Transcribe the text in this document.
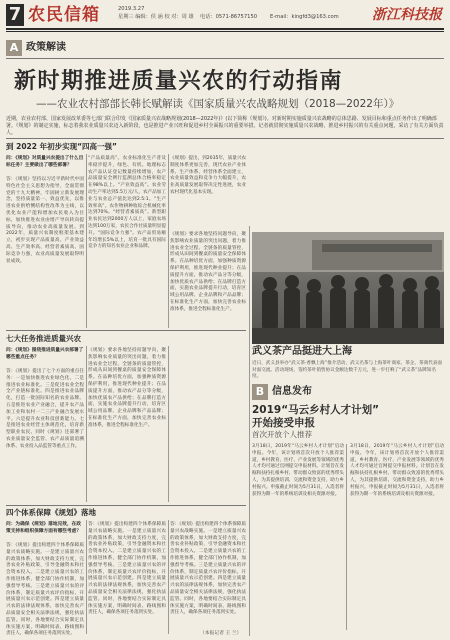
7 农民信箱	2019.3.27
星期三 编辑：侯 涵 校 对：周 雄 电话：0571-86757150 E-mail：kingfd3@163.com 浙江科技报
A 政策解读
新时期推进质量兴农的行动指南
——农业农村部部长韩长赋解读《国家质量兴农战略规划（2018—2022年）》
近期，农业农村部、国家发展改革委等七部门联合印发《国家质量兴农战略规划(2018—2022年)》(以下简称《规划》)。对新时期实施质量兴农战略的总体思路、发展目标和重点任务作出了明确部署。《规划》的制定实施，标志着我农业质量兴农迈入新阶段，也是推进产业兴旺和促进乡村全面振兴的重要举措。记者就贯彻实施质量兴农战略，推进乡村振兴的有关重点问题，采访了有关方面负责人。
到 2022 年初步实现“四高一强”
问：《规划》对质量兴农提出了什么目标任务？主要做出了哪些部署？
答：《规划》坚持以习近平新时代中国特色社会主义思想为指导，全面贯彻党的十九大精神，牢固树立新发展理念，坚持质量第一、效益优先，以推进农业供给侧结构性改革为主线，以优化农业产能和增加农民收入为目标，加快推进农业由增产导向转向提质导向，推动农业高质量发展。到2022年，质量兴农制度框架基本建立，初步实现产品质量高、产业效益高、生产效率高、经营者素质高、国际竞争力强，农业高质量发展取得明显成效。
“产品质量高”。农业标准化生产普及率稳步提升，绿色、有机、地理标志农产品认证登记数量持续增加，农产品质量安全例行监测总体合格率稳定在98%以上。“产业效益高”。农业劳动生产率达到5.5万元/人，农产品加工业与农业总产值比达到2.5:1。“生产效率高”。农作物耕种收综合机械化率达到70%。“经营者素质高”。新型职业农民达到2000万人以上，家庭农场达到100万家，农民合作社质量明显提升。“国际竞争力强”。农产品贸易额年均增长5%以上，培育一批具有国际竞争力的知名农业企业和品牌。
《规划》提出，到2035年，质量兴农制度体系更加完善，现代农业产业体系、生产体系、经营体系全面建立，农业质量效益和竞争力大幅提升，农业高质量发展取得决定性进展，农业农村现代化基本实现。
武义茶产品挺进大上海
近日，武义县举办“武义茶·香飘上海”推介活动，武义名茶与上海茶叶商家、茶企、茶商代表面对面交流。活动现场，签约茶叶销售协议金额达数千万元，进一步打响了“武义茶”品牌知名度。
B 信息发布
2019“马云乡村人才计划”
开始接受申报
首次开放个人推荐
3月18日，2019年“马云乡村人才计划”启动申报。今年，该计划将首次开放个人推荐渠道，乡村教育、医疗、产业发展等领域的优秀人才均可通过官网提交申报材料。计划旨在发掘和扶持扎根乡村、带动群众致富的优秀带头人，为其提供培训、交流和资金支持，助力乡村振兴。申报截止时间为5月31日，入选者将获得为期一年的系统培训及相关资源对接。
3月18日，2019年“马云乡村人才计划”启动申报。今年，该计划将首次开放个人推荐渠道，乡村教育、医疗、产业发展等领域的优秀人才均可通过官网提交申报材料。计划旨在发掘和扶持扎根乡村、带动群众致富的优秀带头人，为其提供培训、交流和资金支持，助力乡村振兴。申报截止时间为5月31日，入选者将获得为期一年的系统培训及相关资源对接。
七大任务推进质量兴农
问：《规划》围绕推进质量兴农部署了哪些重点任务？
答：《规划》提出了七个方面的重点任务：一是加快推进农业绿色化。二是推进农业标准化。三是促进农业全程全产业链标准化。四是推进农业品牌化，打造一批国际知名的农业品牌。五是推进农业产业融合，提升农产品加工业和农村一二三产业融合发展水平。六是提升农业科技创新能力。七是推进农业经营主体规范化，培育新型职业农民。同时《规划》还部署了农业质量安全监管、农产品质量追溯体系、农业投入品监管等重点工作。
《规划》要求各地坚持问题导向，聚焦影响农业质量的突出问题，着力推进农业全过程、全链条的质量管控，形成从田间到餐桌的质量安全保障体系。在品种培优方面，加强种质资源保护利用，推进现代种业提升；在品质提升方面，推动农产品分等分级，加快优质农产品供给；在品牌打造方面，实施农业品牌提升行动，培育区域公用品牌、企业品牌和产品品牌；在标准化生产方面，加快完善农业标准体系，推进全程标准化生产。
《规划》要求各地坚持问题导向，聚焦影响农业质量的突出问题，着力推进农业全过程、全链条的质量管控，形成从田间到餐桌的质量安全保障体系。在品种培优方面，加强种质资源保护利用，推进现代种业提升；在品质提升方面，推动农产品分等分级，加快优质农产品供给；在品牌打造方面，实施农业品牌提升行动，培育区域公用品牌、企业品牌和产品品牌；在标准化生产方面，加快完善农业标准体系，推进全程标准化生产。
四个体系保障《规划》落地
问：为确保《规划》落地见效，在政策支持和组织保障方面有哪些考虑？
答：《规划》提出构建四个体系保障质量兴农战略实施。一是建立质量兴农的政策体系，加大财政支持力度，完善农业补贴政策，引导金融资本和社会资本投入。二是建立质量兴农的工作推进体系，健全部门协作机制，加强督导考核。三是建立质量兴农的评价体系，制定质量兴农评价指标，开展质量兴农示范创建。四是建立质量兴农的法律法规体系，加快完善农产品质量安全相关法律法规，强化执法监管。同时，各地要结合实际制定具体实施方案，明确时间表、路线图和责任人，确保各项任务落到实处。
答：《规划》提出构建四个体系保障质量兴农战略实施。一是建立质量兴农的政策体系，加大财政支持力度，完善农业补贴政策，引导金融资本和社会资本投入。二是建立质量兴农的工作推进体系，健全部门协作机制，加强督导考核。三是建立质量兴农的评价体系，制定质量兴农评价指标，开展质量兴农示范创建。四是建立质量兴农的法律法规体系，加快完善农产品质量安全相关法律法规，强化执法监管。同时，各地要结合实际制定具体实施方案，明确时间表、路线图和责任人，确保各项任务落到实处。
答：《规划》提出构建四个体系保障质量兴农战略实施。一是建立质量兴农的政策体系，加大财政支持力度，完善农业补贴政策，引导金融资本和社会资本投入。二是建立质量兴农的工作推进体系，健全部门协作机制，加强督导考核。三是建立质量兴农的评价体系，制定质量兴农评价指标，开展质量兴农示范创建。四是建立质量兴农的法律法规体系，加快完善农产品质量安全相关法律法规，强化执法监管。同时，各地要结合实际制定具体实施方案，明确时间表、路线图和责任人，确保各项任务落到实处。
（本报记者 王 兰）
